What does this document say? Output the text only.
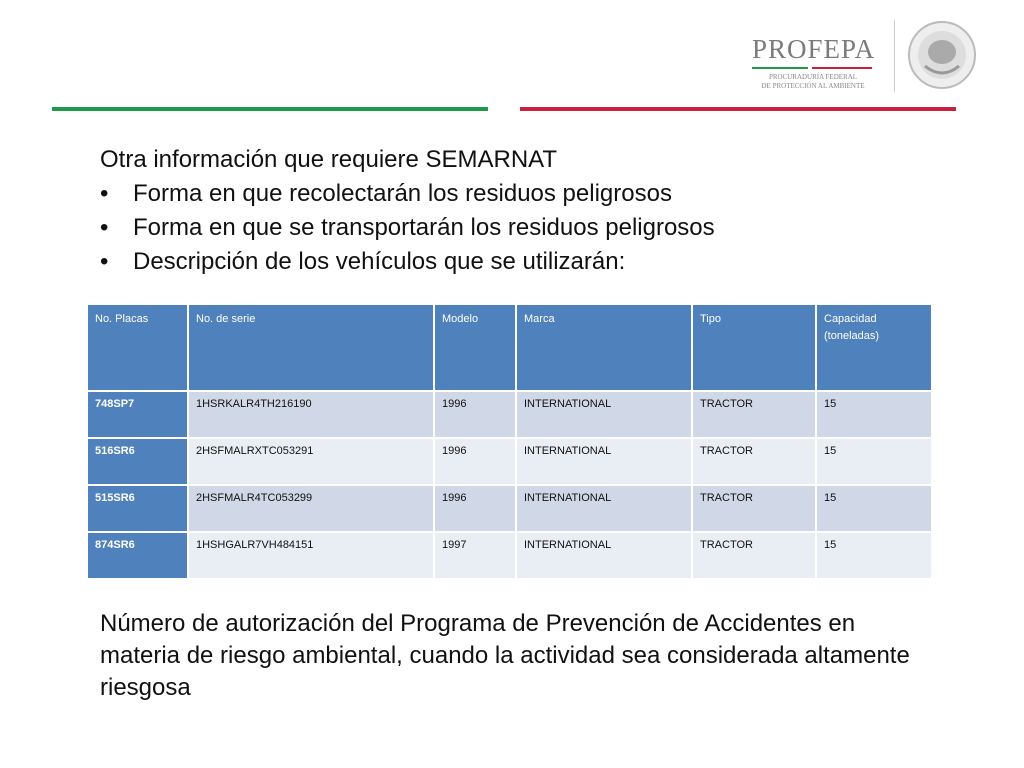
PROFEPA
PROCURADURÍA FEDERAL
DE PROTECCIÓN AL AMBIENTE
Otra información que requiere SEMARNAT
• Forma en que recolectarán los residuos peligrosos
• Forma en que se transportarán los residuos peligrosos
• Descripción de los vehículos que se utilizarán:
No. Placas	No. de serie	Modelo	Marca	Tipo	Capacidad (toneladas)
748SP7	1HSRKALR4TH216190	1996	INTERNATIONAL	TRACTOR	15
516SR6	2HSFMALRXTC053291	1996	INTERNATIONAL	TRACTOR	15
515SR6	2HSFMALR4TC053299	1996	INTERNATIONAL	TRACTOR	15
874SR6	1HSHGALR7VH484151	1997	INTERNATIONAL	TRACTOR	15
Número de autorización del Programa de Prevención de Accidentes en materia de riesgo ambiental, cuando la actividad sea considerada altamente riesgosa
